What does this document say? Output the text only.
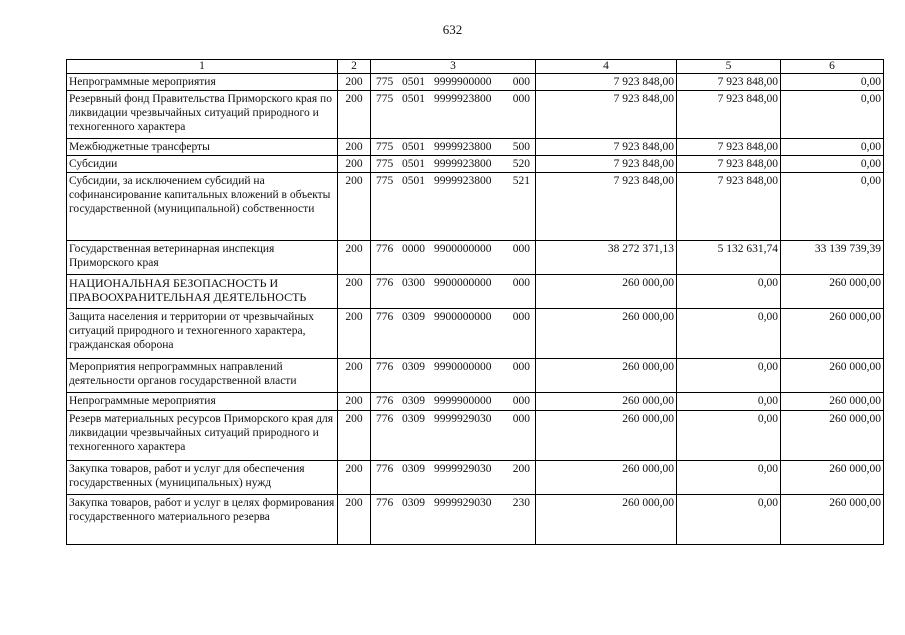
632
1	2	3	4	5	6
Непрограммные мероприятия	200	775 0501 9999900000 000	7 923 848,00	7 923 848,00	0,00
Резервный фонд Правительства Приморского края по ликвидации чрезвычайных ситуаций природного и техногенного характера	200	775 0501 9999923800 000	7 923 848,00	7 923 848,00	0,00
Межбюджетные трансферты	200	775 0501 9999923800 500	7 923 848,00	7 923 848,00	0,00
Субсидии	200	775 0501 9999923800 520	7 923 848,00	7 923 848,00	0,00
Субсидии, за исключением субсидий на софинансирование капитальных вложений в объекты государственной (муниципальной) собственности	200	775 0501 9999923800 521	7 923 848,00	7 923 848,00	0,00
Государственная ветеринарная инспекция Приморского края	200	776 0000 9900000000 000	38 272 371,13	5 132 631,74	33 139 739,39
НАЦИОНАЛЬНАЯ БЕЗОПАСНОСТЬ И ПРАВООХРАНИТЕЛЬНАЯ ДЕЯТЕЛЬНОСТЬ	200	776 0300 9900000000 000	260 000,00	0,00	260 000,00
Защита населения и территории от чрезвычайных ситуаций природного и техногенного характера, гражданская оборона	200	776 0309 9900000000 000	260 000,00	0,00	260 000,00
Мероприятия непрограммных направлений деятельности органов государственной власти	200	776 0309 9990000000 000	260 000,00	0,00	260 000,00
Непрограммные мероприятия	200	776 0309 9999900000 000	260 000,00	0,00	260 000,00
Резерв материальных ресурсов Приморского края для ликвидации чрезвычайных ситуаций природного и техногенного характера	200	776 0309 9999929030 000	260 000,00	0,00	260 000,00
Закупка товаров, работ и услуг для обеспечения государственных (муниципальных) нужд	200	776 0309 9999929030 200	260 000,00	0,00	260 000,00
Закупка товаров, работ и услуг в целях формирования государственного материального резерва	200	776 0309 9999929030 230	260 000,00	0,00	260 000,00
